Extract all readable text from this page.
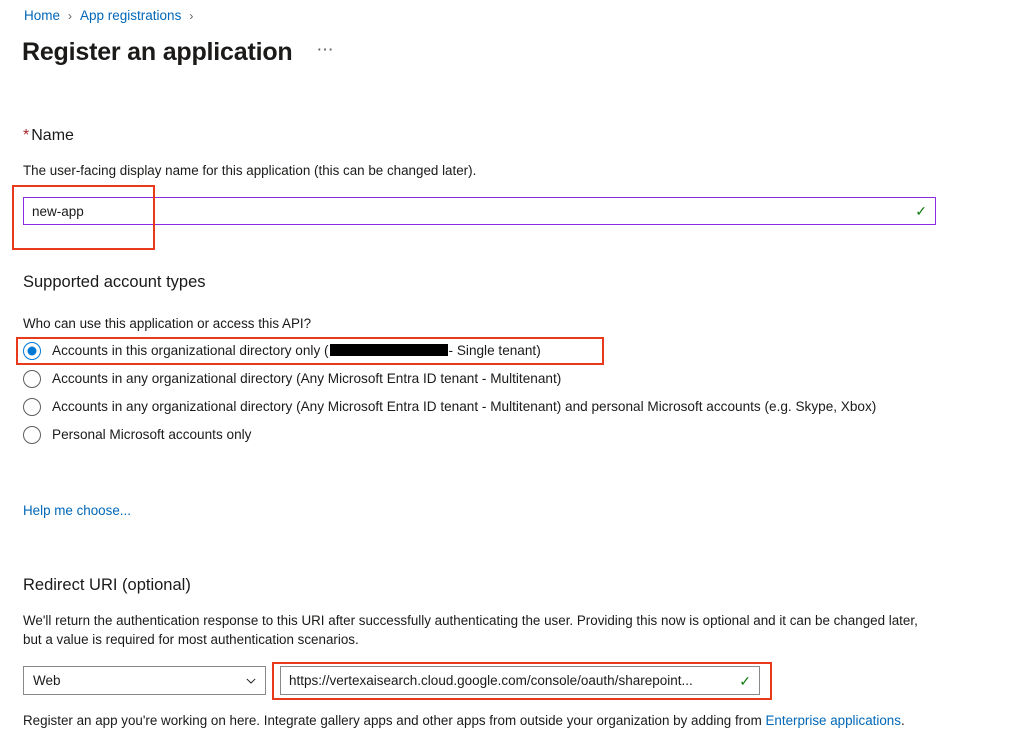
Home › App registrations ›
Register an application	⋯
* Name
The user-facing display name for this application (this can be changed later).
new-app
✓
Supported account types
Who can use this application or access this API?
Accounts in this organizational directory only (	- Single tenant)
Accounts in any organizational directory (Any Microsoft Entra ID tenant - Multitenant)
Accounts in any organizational directory (Any Microsoft Entra ID tenant - Multitenant) and personal Microsoft accounts (e.g. Skype, Xbox)
Personal Microsoft accounts only
Help me choose...
Redirect URI (optional)
We'll return the authentication response to this URI after successfully authenticating the user. Providing this now is optional and it can be changed later, but a value is required for most authentication scenarios.
Web	https://vertexaisearch.cloud.google.com/console/oauth/sharepoint...	✓
Register an app you're working on here. Integrate gallery apps and other apps from outside your organization by adding from Enterprise applications.
